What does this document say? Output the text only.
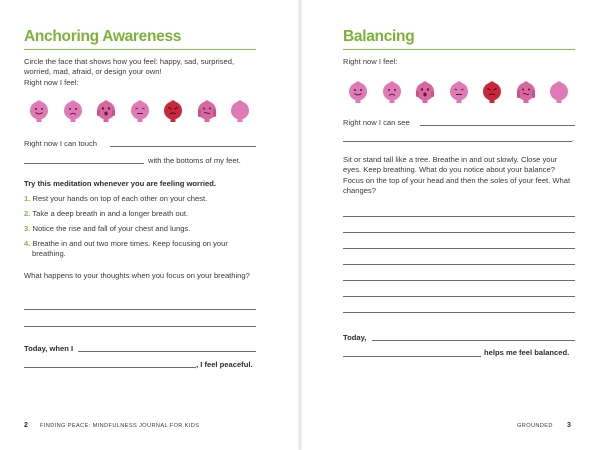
Anchoring Awareness

Circle the face that shows how you feel: happy, sad, surprised, worried, mad, afraid, or design your own!

Right now I feel:

Right now I can touch

with the bottoms of my feet.

Try this meditation whenever you are feeling worried.

1. Rest your hands on top of each other on your chest.

2. Take a deep breath in and a longer breath out.

3. Notice the rise and fall of your chest and lungs.

4. Breathe in and out two more times. Keep focusing on your breathing.

What happens to your thoughts when you focus on your breathing?

Today, when I

, I feel peaceful.

2 FINDING PEACE: MINDFULNESS JOURNAL FOR KIDS
Balancing

Right now I feel:

Right now I can see

.

Sit or stand tall like a tree. Breathe in and out slowly. Close your eyes. Keep breathing. What do you notice about your balance? Focus on the top of your head and then the soles of your feet. What changes?

Today,

helps me feel balanced.

GROUNDED 3
